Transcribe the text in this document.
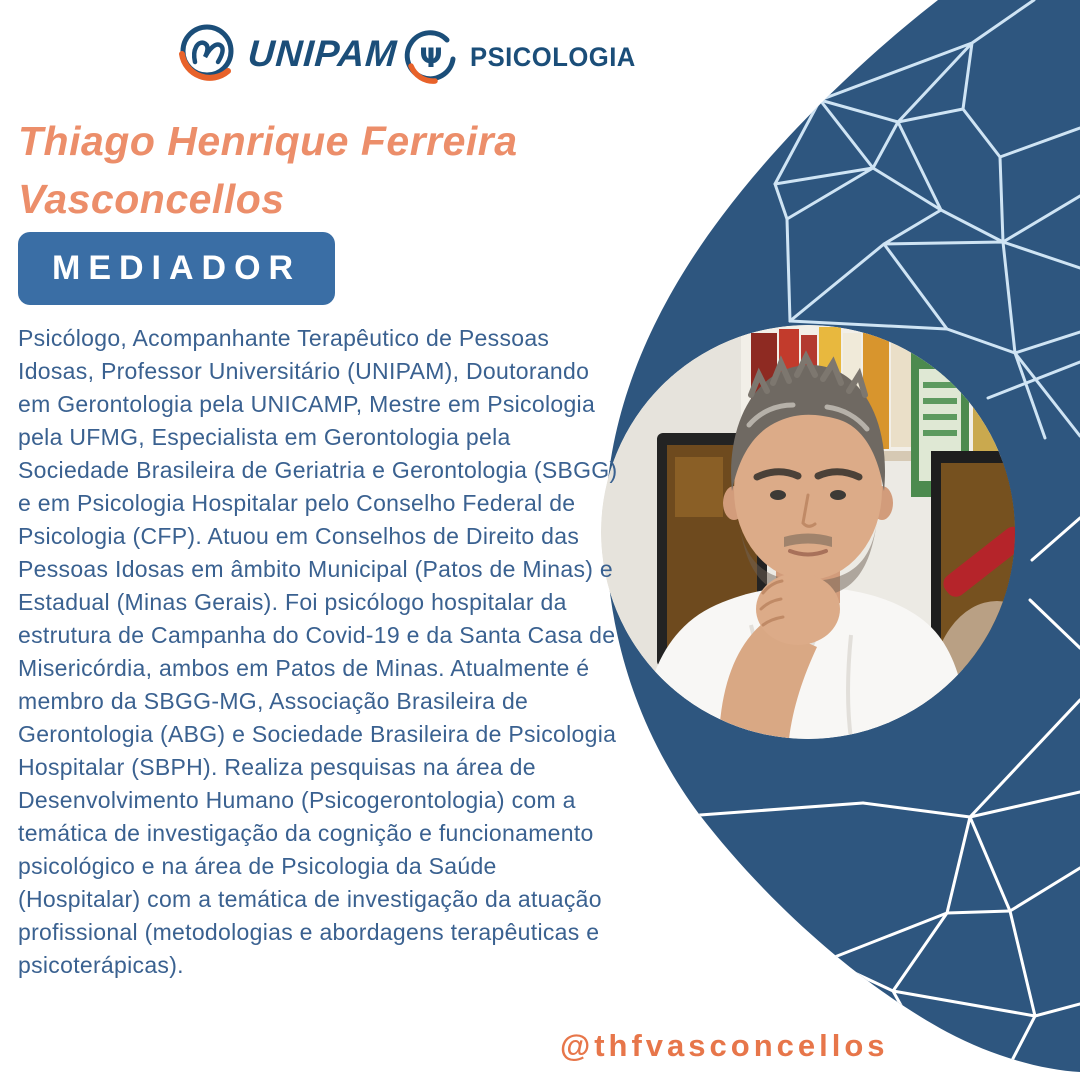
UNIPAM Ψ PSICOLOGIA
Thiago Henrique Ferreira Vasconcellos
MEDIADOR

Psicólogo, Acompanhante Terapêutico de Pessoas Idosas, Professor Universitário (UNIPAM), Doutorando em Gerontologia pela UNICAMP, Mestre em Psicologia pela UFMG, Especialista em Gerontologia pela Sociedade Brasileira de Geriatria e Gerontologia (SBGG) e em Psicologia Hospitalar pelo Conselho Federal de Psicologia (CFP). Atuou em Conselhos de Direito das Pessoas Idosas em âmbito Municipal (Patos de Minas) e Estadual (Minas Gerais). Foi psicólogo hospitalar da estrutura de Campanha do Covid-19 e da Santa Casa de Misericórdia, ambos em Patos de Minas. Atualmente é membro da SBGG-MG, Associação Brasileira de Gerontologia (ABG) e Sociedade Brasileira de Psicologia Hospitalar (SBPH). Realiza pesquisas na área de Desenvolvimento Humano (Psicogerontologia) com a temática de investigação da cognição e funcionamento psicológico e na área de Psicologia da Saúde (Hospitalar) com a temática de investigação da atuação profissional (metodologias e abordagens terapêuticas e psicoterápicas).

@thfvasconcellos
